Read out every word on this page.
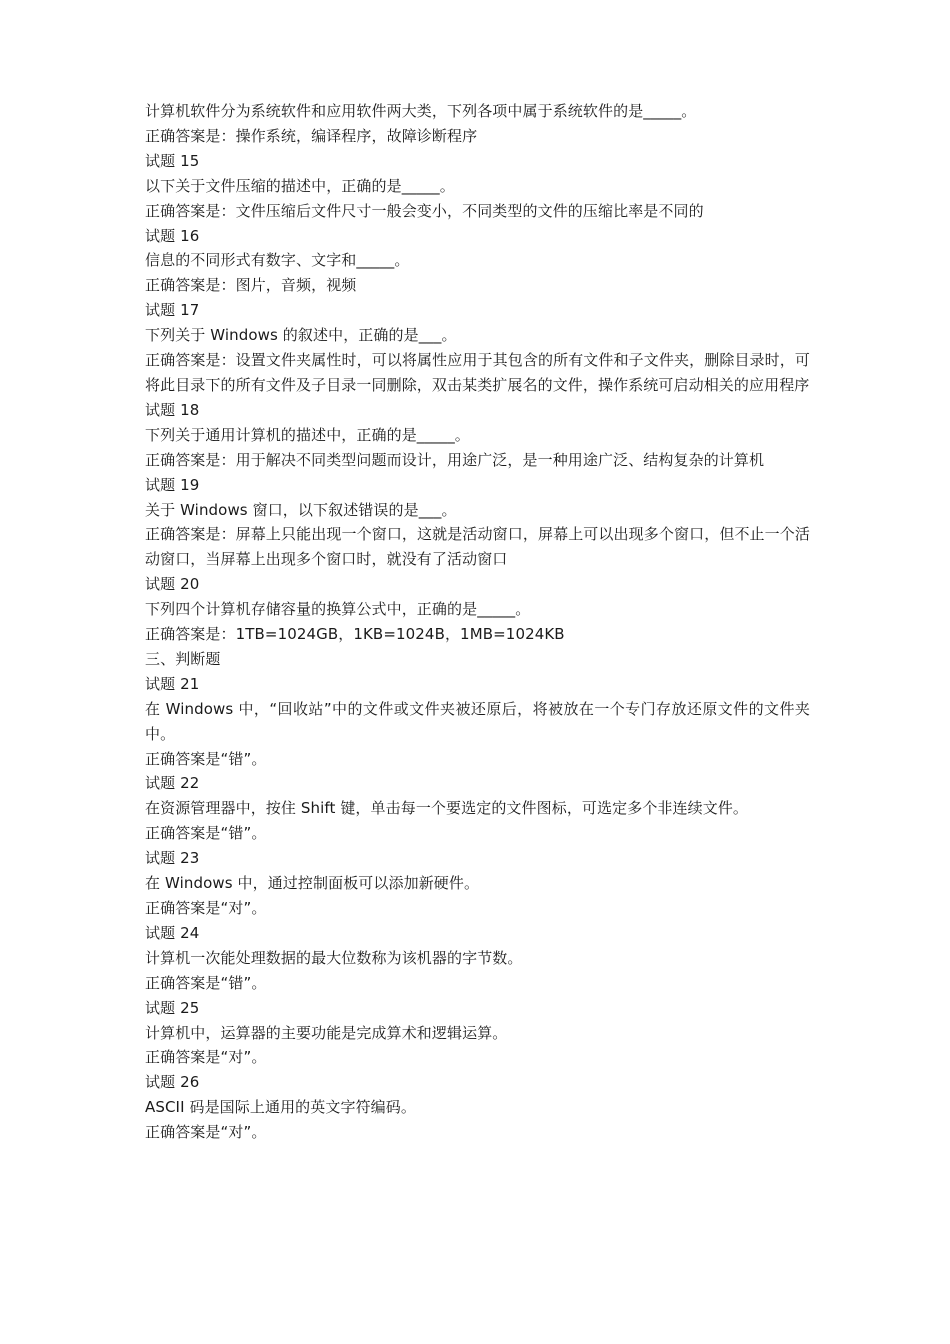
计算机软件分为系统软件和应用软件两大类，下列各项中属于系统软件的是_____。

正确答案是：操作系统，编译程序，故障诊断程序

试题 15

以下关于文件压缩的描述中，正确的是_____。

正确答案是：文件压缩后文件尺寸一般会变小，不同类型的文件的压缩比率是不同的

试题 16

信息的不同形式有数字、文字和_____。

正确答案是：图片，音频，视频

试题 17

下列关于 Windows 的叙述中，正确的是___。

正确答案是：设置文件夹属性时，可以将属性应用于其包含的所有文件和子文件夹，删除目录时，可将此目录下的所有文件及子目录一同删除，双击某类扩展名的文件，操作系统可启动相关的应用程序

试题 18

下列关于通用计算机的描述中，正确的是_____。

正确答案是：用于解决不同类型问题而设计，用途广泛，是一种用途广泛、结构复杂的计算机

试题 19

关于 Windows 窗口，以下叙述错误的是___。

正确答案是：屏幕上只能出现一个窗口，这就是活动窗口，屏幕上可以出现多个窗口，但不止一个活动窗口，当屏幕上出现多个窗口时，就没有了活动窗口

试题 20

下列四个计算机存储容量的换算公式中，正确的是_____。

正确答案是：1TB=1024GB，1KB=1024B，1MB=1024KB

三、判断题

试题 21

在 Windows 中，“回收站”中的文件或文件夹被还原后，将被放在一个专门存放还原文件的文件夹中。

正确答案是“错”。

试题 22

在资源管理器中，按住 Shift 键，单击每一个要选定的文件图标，可选定多个非连续文件。

正确答案是“错”。

试题 23

在 Windows 中，通过控制面板可以添加新硬件。

正确答案是“对”。

试题 24

计算机一次能处理数据的最大位数称为该机器的字节数。

正确答案是“错”。

试题 25

计算机中，运算器的主要功能是完成算术和逻辑运算。

正确答案是“对”。

试题 26

ASCII 码是国际上通用的英文字符编码。

正确答案是“对”。
